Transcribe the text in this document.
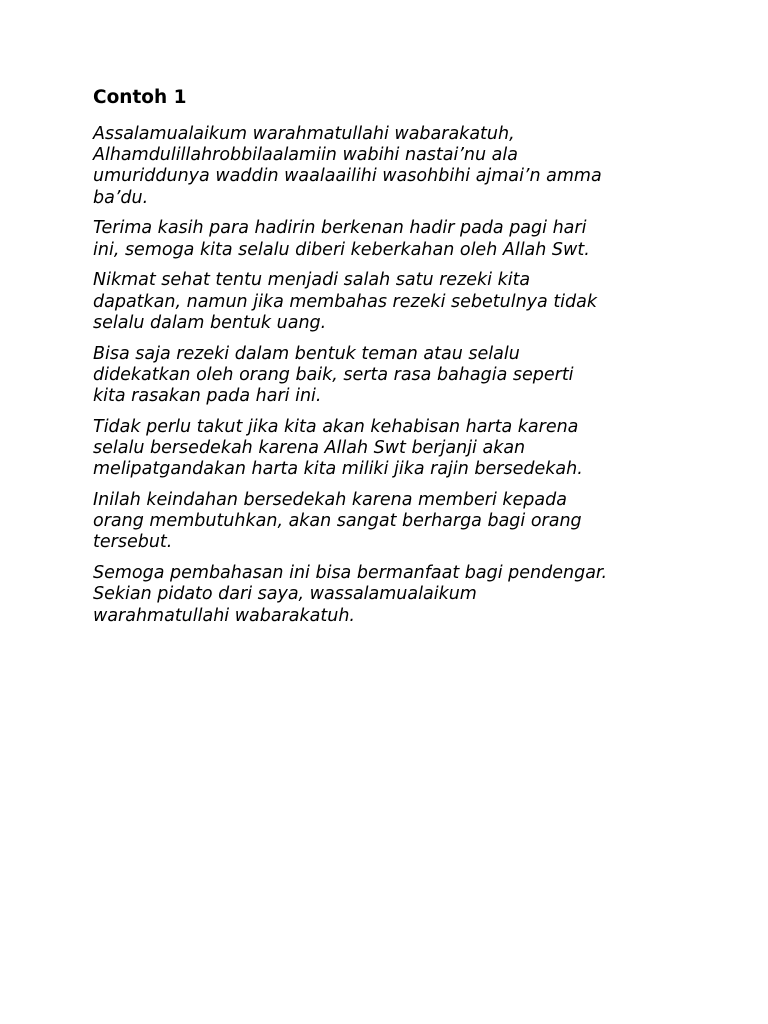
Contoh 1
Assalamualaikum warahmatullahi wabarakatuh,
Alhamdulillahrobbilaalamiin wabihi nastai’nu ala
umuriddunya waddin waalaailihi wasohbihi ajmai’n amma
ba’du.
Terima kasih para hadirin berkenan hadir pada pagi hari
ini, semoga kita selalu diberi keberkahan oleh Allah Swt.
Nikmat sehat tentu menjadi salah satu rezeki kita
dapatkan, namun jika membahas rezeki sebetulnya tidak
selalu dalam bentuk uang.
Bisa saja rezeki dalam bentuk teman atau selalu
didekatkan oleh orang baik, serta rasa bahagia seperti
kita rasakan pada hari ini.
Tidak perlu takut jika kita akan kehabisan harta karena
selalu bersedekah karena Allah Swt berjanji akan
melipatgandakan harta kita miliki jika rajin bersedekah.
Inilah keindahan bersedekah karena memberi kepada
orang membutuhkan, akan sangat berharga bagi orang
tersebut.
Semoga pembahasan ini bisa bermanfaat bagi pendengar.
Sekian pidato dari saya, wassalamualaikum
warahmatullahi wabarakatuh.
